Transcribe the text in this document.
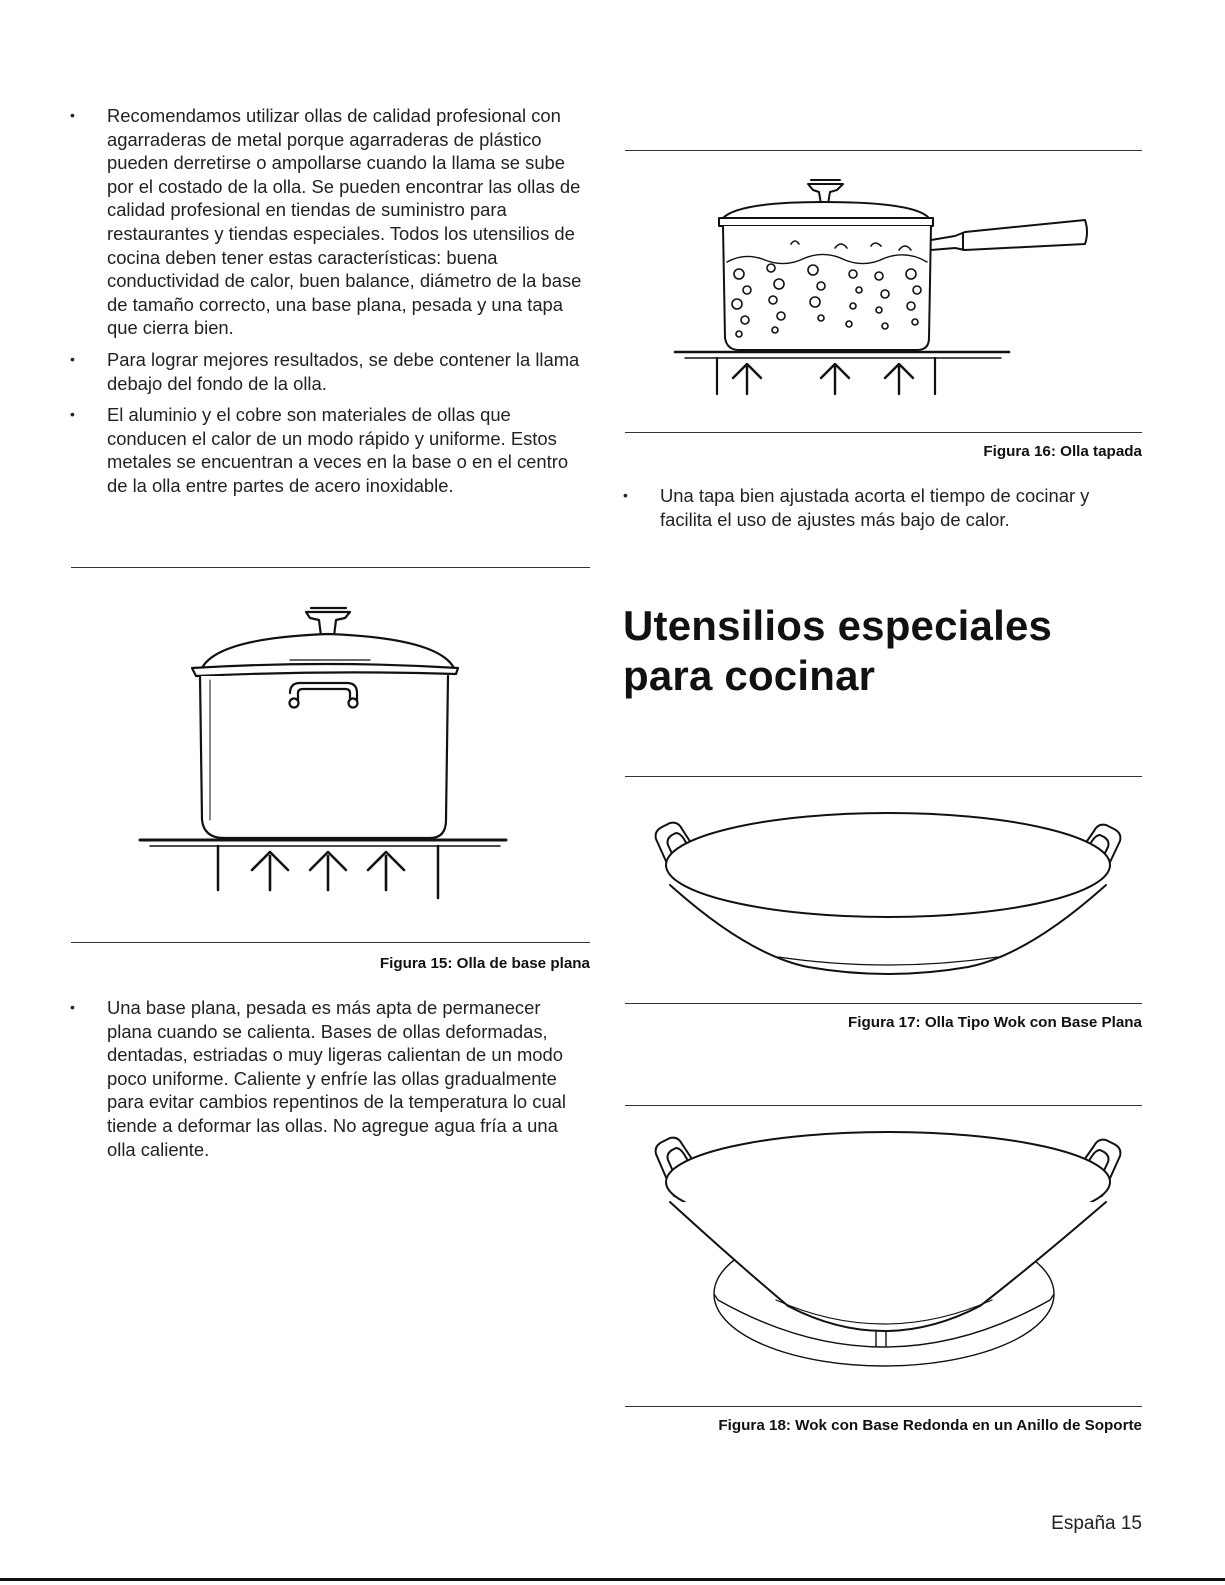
• Recomendamos utilizar ollas de calidad profesional con agarraderas de metal porque agarraderas de plástico pueden derretirse o ampollarse cuando la llama se sube por el costado de la olla. Se pueden encontrar las ollas de calidad profesional en tiendas de suministro para restaurantes y tiendas especiales. Todos los utensilios de cocina deben tener estas características: buena conductividad de calor, buen balance, diámetro de la base de tamaño correcto, una base plana, pesada y una tapa que cierra bien.
• Para lograr mejores resultados, se debe contener la llama debajo del fondo de la olla.
• El aluminio y el cobre son materiales de ollas que conducen el calor de un modo rápido y uniforme. Estos metales se encuentran a veces en la base o en el centro de la olla entre partes de acero inoxidable.
Figura 15: Olla de base plana
• Una base plana, pesada es más apta de permanecer plana cuando se calienta. Bases de ollas deformadas, dentadas, estriadas o muy ligeras calientan de un modo poco uniforme. Caliente y enfríe las ollas gradualmente para evitar cambios repentinos de la temperatura lo cual tiende a deformar las ollas. No agregue agua fría a una olla caliente.
Figura 16: Olla tapada
• Una tapa bien ajustada acorta el tiempo de cocinar y facilita el uso de ajustes más bajo de calor.
Utensilios especiales
para cocinar
Figura 17: Olla Tipo Wok con Base Plana
Figura 18: Wok con Base Redonda en un Anillo de Soporte
España 15
